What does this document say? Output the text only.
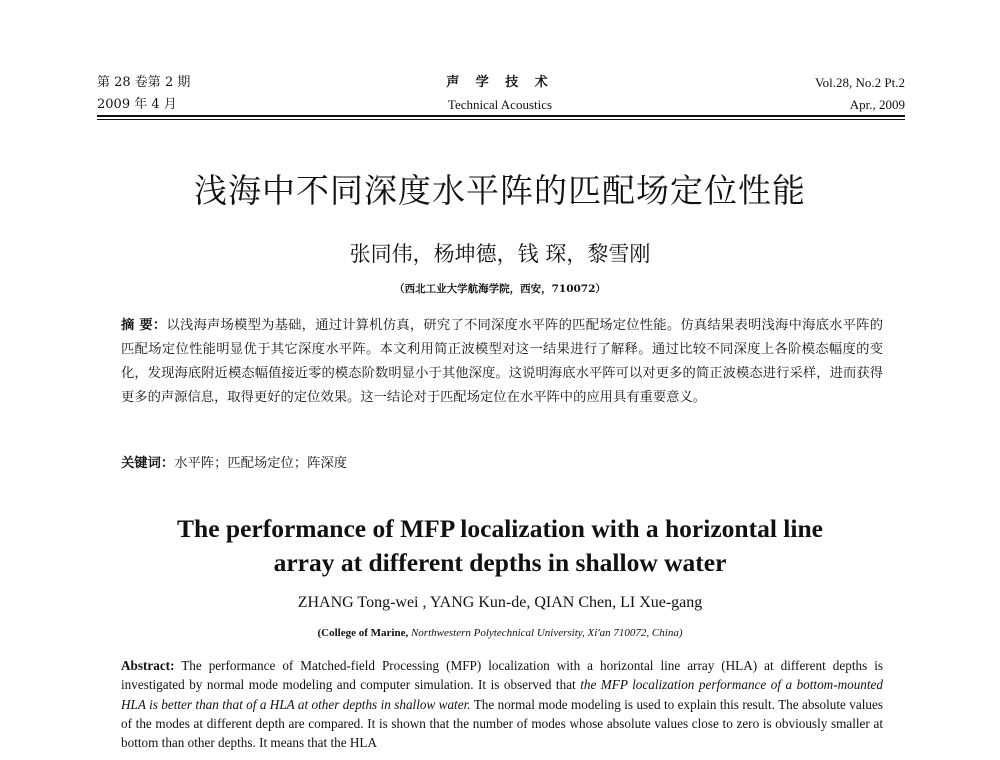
第 28 卷第 2 期
2009 年 4 月
声 学 技 术
Technical Acoustics
Vol.28, No.2 Pt.2
Apr., 2009
浅海中不同深度水平阵的匹配场定位性能
张同伟，杨坤德，钱 琛，黎雪刚
（西北工业大学航海学院，西安，710072）
摘 要：以浅海声场模型为基础，通过计算机仿真，研究了不同深度水平阵的匹配场定位性能。仿真结果表明浅海中海底水平阵的匹配场定位性能明显优于其它深度水平阵。本文利用简正波模型对这一结果进行了解释。通过比较不同深度上各阶模态幅度的变化，发现海底附近模态幅值接近零的模态阶数明显小于其他深度。这说明海底水平阵可以对更多的简正波模态进行采样，进而获得更多的声源信息，取得更好的定位效果。这一结论对于匹配场定位在水平阵中的应用具有重要意义。
关键词：水平阵；匹配场定位；阵深度
The performance of MFP localization with a horizontal line
array at different depths in shallow water
ZHANG Tong-wei , YANG Kun-de, QIAN Chen, LI Xue-gang
(College of Marine, Northwestern Polytechnical University, Xi'an 710072, China)
Abstract: The performance of Matched-field Processing (MFP) localization with a horizontal line array (HLA) at different depths is investigated by normal mode modeling and computer simulation. It is observed that the MFP localization performance of a bottom-mounted HLA is better than that of a HLA at other depths in shallow water. The normal mode modeling is used to explain this result. The absolute values of the modes at different depth are compared. It is shown that the number of modes whose absolute values close to zero is obviously smaller at bottom than other depths. It means that the HLA
